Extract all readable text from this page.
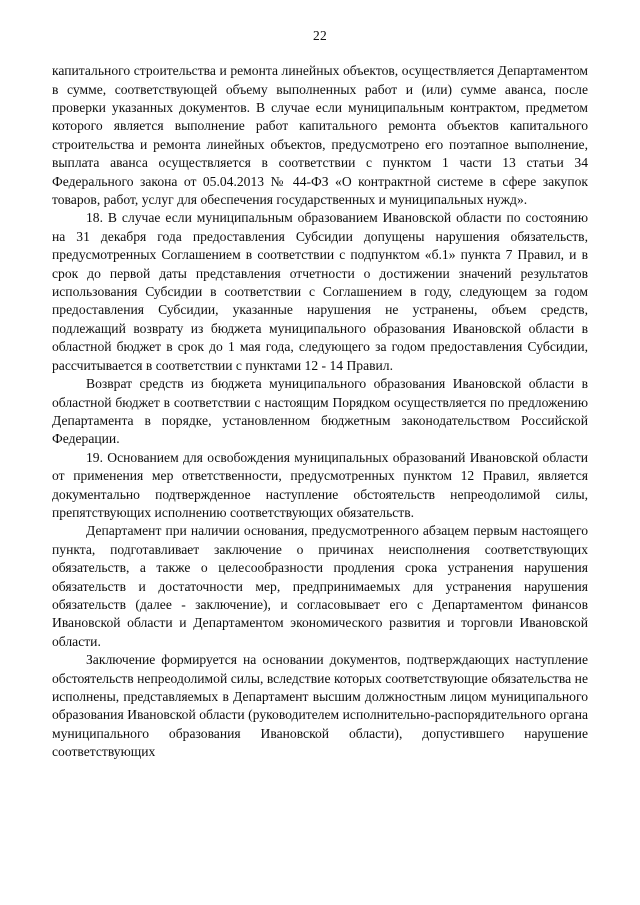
22

капитального строительства и ремонта линейных объектов, осуществляется Департаментом в сумме, соответствующей объему выполненных работ и (или) сумме аванса, после проверки указанных документов. В случае если муниципальным контрактом, предметом которого является выполнение работ капитального ремонта объектов капитального строительства и ремонта линейных объектов, предусмотрено его поэтапное выполнение, выплата аванса осуществляется в соответствии с пунктом 1 части 13 статьи 34 Федерального закона от 05.04.2013 № 44-ФЗ «О контрактной системе в сфере закупок товаров, работ, услуг для обеспечения государственных и муниципальных нужд».

18. В случае если муниципальным образованием Ивановской области по состоянию на 31 декабря года предоставления Субсидии допущены нарушения обязательств, предусмотренных Соглашением в соответствии с подпунктом «б.1» пункта 7 Правил, и в срок до первой даты представления отчетности о достижении значений результатов использования Субсидии в соответствии с Соглашением в году, следующем за годом предоставления Субсидии, указанные нарушения не устранены, объем средств, подлежащий возврату из бюджета муниципального образования Ивановской области в областной бюджет в срок до 1 мая года, следующего за годом предоставления Субсидии, рассчитывается в соответствии с пунктами 12 - 14 Правил.

Возврат средств из бюджета муниципального образования Ивановской области в областной бюджет в соответствии с настоящим Порядком осуществляется по предложению Департамента в порядке, установленном бюджетным законодательством Российской Федерации.

19. Основанием для освобождения муниципальных образований Ивановской области от применения мер ответственности, предусмотренных пунктом 12 Правил, является документально подтвержденное наступление обстоятельств непреодолимой силы, препятствующих исполнению соответствующих обязательств.

Департамент при наличии основания, предусмотренного абзацем первым настоящего пункта, подготавливает заключение о причинах неисполнения соответствующих обязательств, а также о целесообразности продления срока устранения нарушения обязательств и достаточности мер, предпринимаемых для устранения нарушения обязательств (далее - заключение), и согласовывает его с Департаментом финансов Ивановской области и Департаментом экономического развития и торговли Ивановской области.

Заключение формируется на основании документов, подтверждающих наступление обстоятельств непреодолимой силы, вследствие которых соответствующие обязательства не исполнены, представляемых в Департамент высшим должностным лицом муниципального образования Ивановской области (руководителем исполнительно-распорядительного органа муниципального образования Ивановской области), допустившего нарушение соответствующих
